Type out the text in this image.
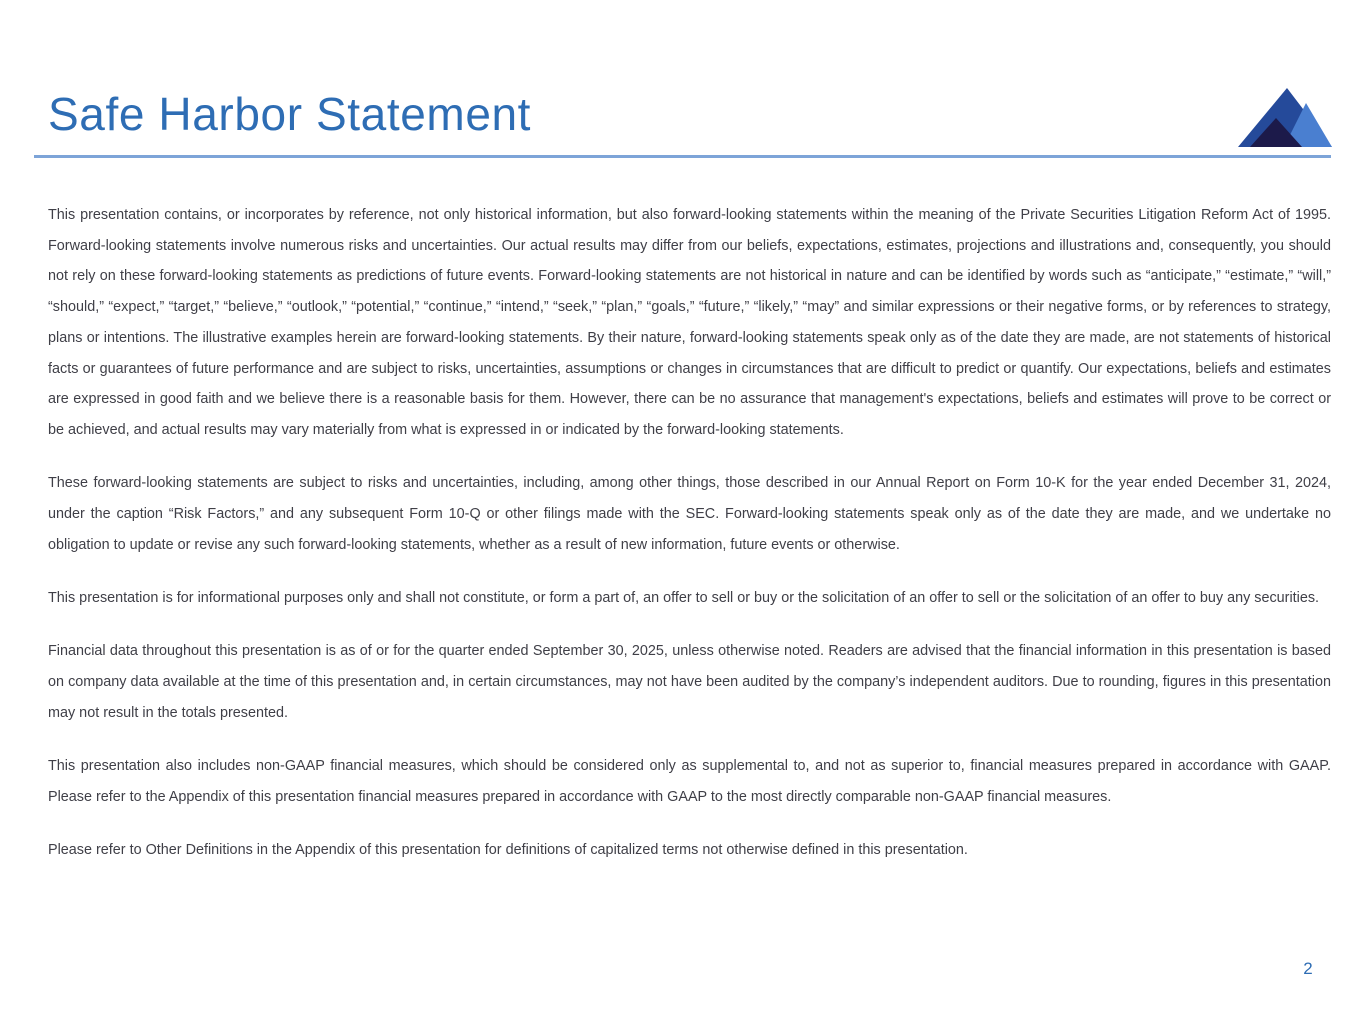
Safe Harbor Statement

This presentation contains, or incorporates by reference, not only historical information, but also forward-looking statements within the meaning of the Private Securities Litigation Reform Act of 1995. Forward-looking statements involve numerous risks and uncertainties. Our actual results may differ from our beliefs, expectations, estimates, projections and illustrations and, consequently, you should not rely on these forward-looking statements as predictions of future events. Forward-looking statements are not historical in nature and can be identified by words such as “anticipate,” “estimate,” “will,” “should,” “expect,” “target,” “believe,” “outlook,” “potential,” “continue,” “intend,” “seek,” “plan,” “goals,” “future,” “likely,” “may” and similar expressions or their negative forms, or by references to strategy, plans or intentions. The illustrative examples herein are forward-looking statements. By their nature, forward-looking statements speak only as of the date they are made, are not statements of historical facts or guarantees of future performance and are subject to risks, uncertainties, assumptions or changes in circumstances that are difficult to predict or quantify. Our expectations, beliefs and estimates are expressed in good faith and we believe there is a reasonable basis for them. However, there can be no assurance that management's expectations, beliefs and estimates will prove to be correct or be achieved, and actual results may vary materially from what is expressed in or indicated by the forward-looking statements.

These forward-looking statements are subject to risks and uncertainties, including, among other things, those described in our Annual Report on Form 10-K for the year ended December 31, 2024, under the caption “Risk Factors,” and any subsequent Form 10-Q or other filings made with the SEC. Forward-looking statements speak only as of the date they are made, and we undertake no obligation to update or revise any such forward-looking statements, whether as a result of new information, future events or otherwise.

This presentation is for informational purposes only and shall not constitute, or form a part of, an offer to sell or buy or the solicitation of an offer to sell or the solicitation of an offer to buy any securities.

Financial data throughout this presentation is as of or for the quarter ended September 30, 2025, unless otherwise noted. Readers are advised that the financial information in this presentation is based on company data available at the time of this presentation and, in certain circumstances, may not have been audited by the company’s independent auditors. Due to rounding, figures in this presentation may not result in the totals presented.

This presentation also includes non-GAAP financial measures, which should be considered only as supplemental to, and not as superior to, financial measures prepared in accordance with GAAP. Please refer to the Appendix of this presentation financial measures prepared in accordance with GAAP to the most directly comparable non-GAAP financial measures.

Please refer to Other Definitions in the Appendix of this presentation for definitions of capitalized terms not otherwise defined in this presentation.

2
